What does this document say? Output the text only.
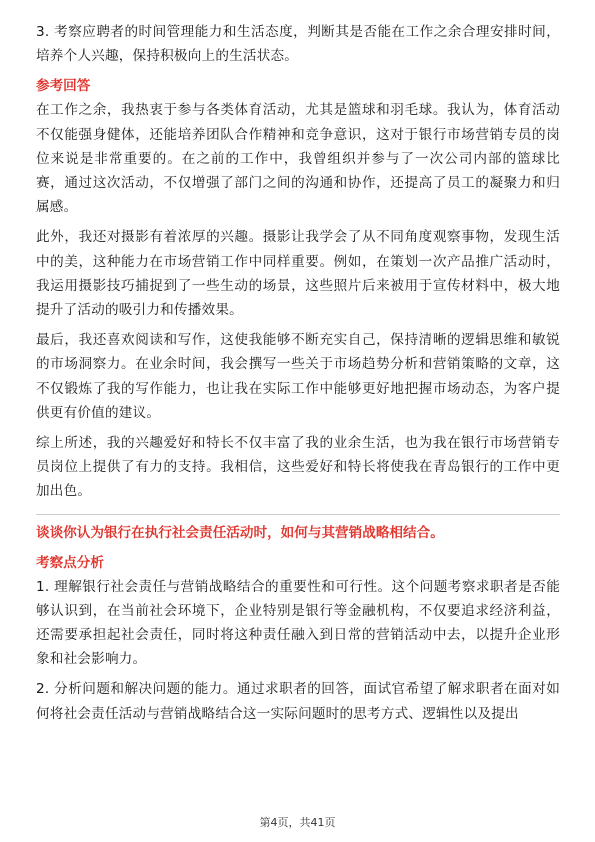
3. 考察应聘者的时间管理能力和生活态度，判断其是否能在工作之余合理安排时间，培养个人兴趣，保持积极向上的生活状态。

参考回答

在工作之余，我热衷于参与各类体育活动，尤其是篮球和羽毛球。我认为，体育活动不仅能强身健体，还能培养团队合作精神和竞争意识，这对于银行市场营销专员的岗位来说是非常重要的。在之前的工作中，我曾组织并参与了一次公司内部的篮球比赛，通过这次活动，不仅增强了部门之间的沟通和协作，还提高了员工的凝聚力和归属感。

此外，我还对摄影有着浓厚的兴趣。摄影让我学会了从不同角度观察事物，发现生活中的美，这种能力在市场营销工作中同样重要。例如，在策划一次产品推广活动时，我运用摄影技巧捕捉到了一些生动的场景，这些照片后来被用于宣传材料中，极大地提升了活动的吸引力和传播效果。

最后，我还喜欢阅读和写作，这使我能够不断充实自己，保持清晰的逻辑思维和敏锐的市场洞察力。在业余时间，我会撰写一些关于市场趋势分析和营销策略的文章，这不仅锻炼了我的写作能力，也让我在实际工作中能够更好地把握市场动态，为客户提供更有价值的建议。

综上所述，我的兴趣爱好和特长不仅丰富了我的业余生活，也为我在银行市场营销专员岗位上提供了有力的支持。我相信，这些爱好和特长将使我在青岛银行的工作中更加出色。

谈谈你认为银行在执行社会责任活动时，如何与其营销战略相结合。

考察点分析

1. 理解银行社会责任与营销战略结合的重要性和可行性。这个问题考察求职者是否能够认识到，在当前社会环境下，企业特别是银行等金融机构，不仅要追求经济利益，还需要承担起社会责任，同时将这种责任融入到日常的营销活动中去，以提升企业形象和社会影响力。

2. 分析问题和解决问题的能力。通过求职者的回答，面试官希望了解求职者在面对如何将社会责任活动与营销战略结合这一实际问题时的思考方式、逻辑性以及提出

第4页，共41页
